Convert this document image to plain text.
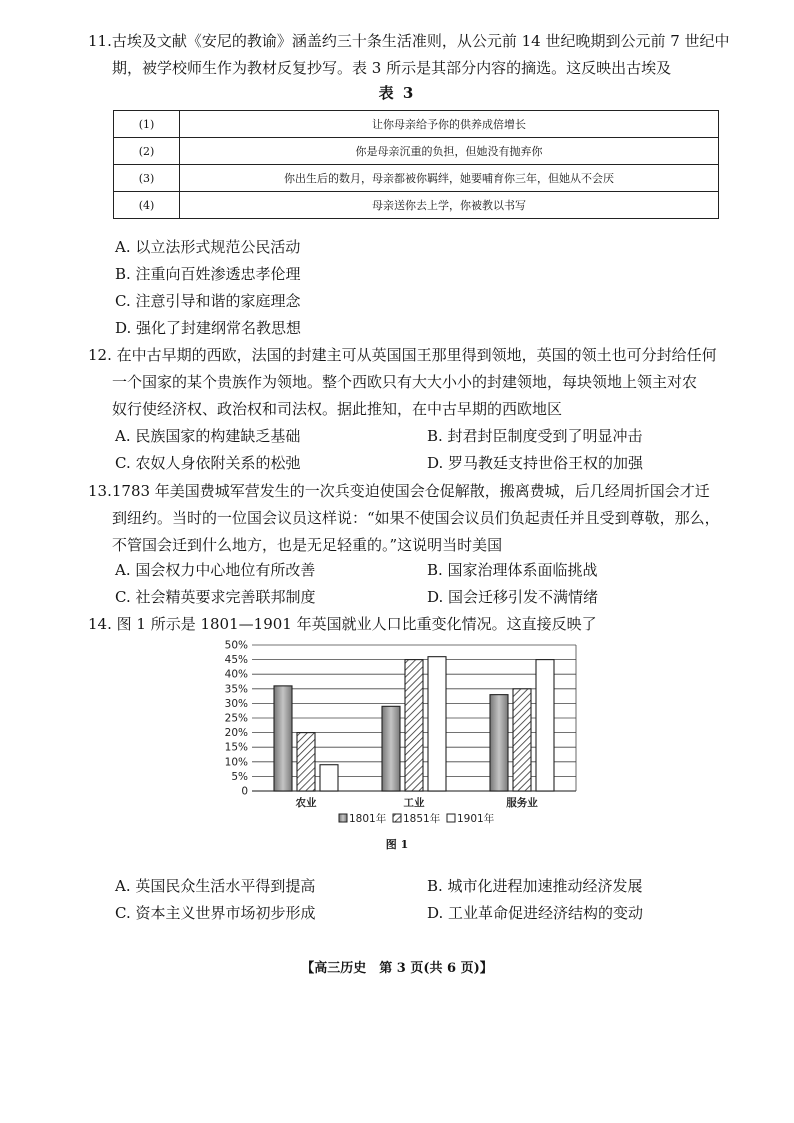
11.古埃及文献《安尼的教谕》涵盖约三十条生活准则，从公元前 14 世纪晚期到公元前 7 世纪中

期，被学校师生作为教材反复抄写。表 3 所示是其部分内容的摘选。这反映出古埃及

表 3
(1)	让你母亲给予你的供养成倍增长
(2)	你是母亲沉重的负担，但她没有抛弃你
(3)	你出生后的数月，母亲都被你羁绊，她要哺育你三年，但她从不会厌
(4)	母亲送你去上学，你被教以书写
A. 以立法形式规范公民活动
B. 注重向百姓渗透忠孝伦理
C. 注意引导和谐的家庭理念
D. 强化了封建纲常名教思想

12. 在中古早期的西欧，法国的封建主可从英国国王那里得到领地，英国的领土也可分封给任何

一个国家的某个贵族作为领地。整个西欧只有大大小小的封建领地，每块领地上领主对农

奴行使经济权、政治权和司法权。据此推知，在中古早期的西欧地区

A. 民族国家的构建缺乏基础	B. 封君封臣制度受到了明显冲击
C. 农奴人身依附关系的松弛	D. 罗马教廷支持世俗王权的加强

13.1783 年美国费城军营发生的一次兵变迫使国会仓促解散，搬离费城，后几经周折国会才迁

到纽约。当时的一位国会议员这样说：“如果不使国会议员们负起责任并且受到尊敬，那么，

不管国会迁到什么地方，也是无足轻重的。”这说明当时美国

A. 国会权力中心地位有所改善	B. 国家治理体系面临挑战
C. 社会精英要求完善联邦制度	D. 国会迁移引发不满情绪

14. 图 1 所示是 1801—1901 年英国就业人口比重变化情况。这直接反映了

0
5%
10%
15%
20%
25%
30%
35%
40%
45%
50%
农业	工业	服务业
1801年 1851年 1901年
图 1
A. 英国民众生活水平得到提高	B. 城市化进程加速推动经济发展
C. 资本主义世界市场初步形成	D. 工业革命促进经济结构的变动
【高三历史　第 3 页(共 6 页)】
